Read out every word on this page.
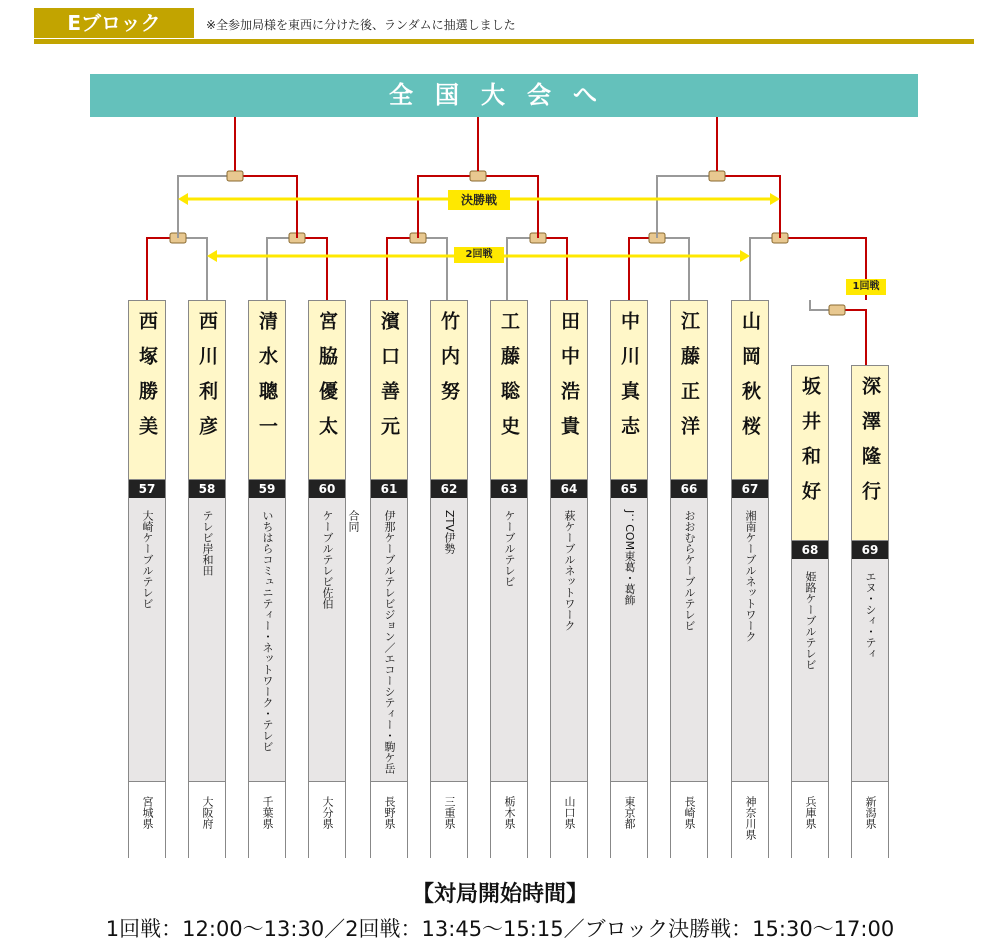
Eブロック	※全参加局様を東西に分けた後、ランダムに抽選しました
全国大会へ
決勝戦
2回戦
1回戦
西塚勝美
57
大崎ケーブルテレビ
宮城県
西川利彦
58
テレビ岸和田
大阪府
清水聰一
59
いちはらコミュニティー・ネットワーク・テレビ
千葉県
宮脇優太
60
ケーブルテレビ佐伯
大分県
濱口善元
61
伊那ケーブルテレビジョン／エコーシティー・駒ケ岳合同
長野県
竹内努
62
ZTV伊勢
三重県
工藤聡史
63
ケーブルテレビ
栃木県
田中浩貴
64
萩ケーブルネットワーク
山口県
中川真志
65
J：COM東葛・葛飾
東京都
江藤正洋
66
おおむらケーブルテレビ
長崎県
山岡秋桜
67
湘南ケーブルネットワーク
神奈川県
坂井和好
68
姫路ケーブルテレビ
兵庫県
深澤隆行
69
エヌ・シィ・ティ
新潟県
【対局開始時間】
1回戦：12:00～13:30／2回戦：13:45～15:15／ブロック決勝戦：15:30～17:00
